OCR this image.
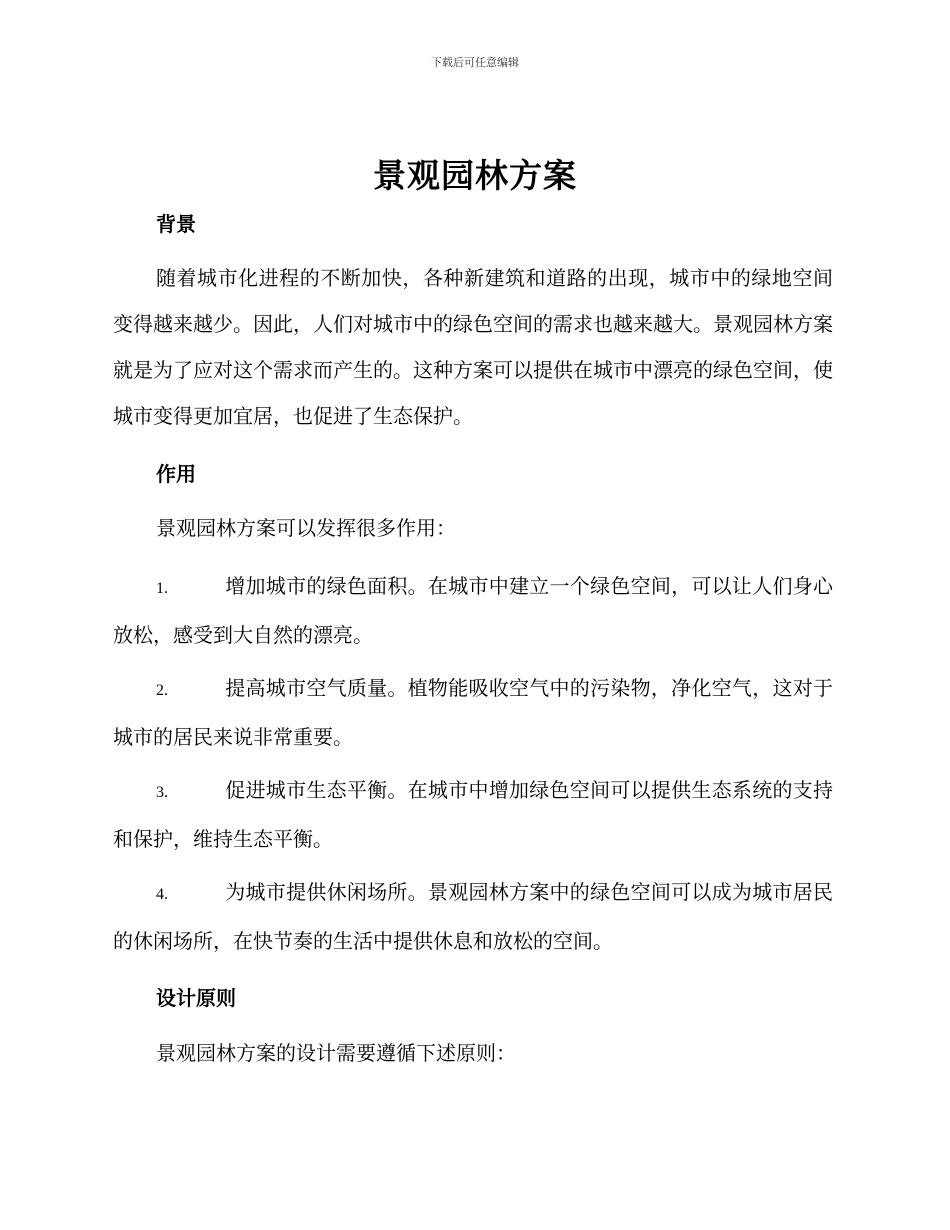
下载后可任意编辑
景观园林方案
背景
随着城市化进程的不断加快，各种新建筑和道路的出现，城市中的绿地空间变得越来越少。因此，人们对城市中的绿色空间的需求也越来越大。景观园林方案就是为了应对这个需求而产生的。这种方案可以提供在城市中漂亮的绿色空间，使城市变得更加宜居，也促进了生态保护。
作用
景观园林方案可以发挥很多作用：
1.	增加城市的绿色面积。在城市中建立一个绿色空间，可以让人们身心放松，感受到大自然的漂亮。
2.	提高城市空气质量。植物能吸收空气中的污染物，净化空气，这对于城市的居民来说非常重要。
3.	促进城市生态平衡。在城市中增加绿色空间可以提供生态系统的支持和保护，维持生态平衡。
4.	为城市提供休闲场所。景观园林方案中的绿色空间可以成为城市居民的休闲场所，在快节奏的生活中提供休息和放松的空间。
设计原则
景观园林方案的设计需要遵循下述原则：
